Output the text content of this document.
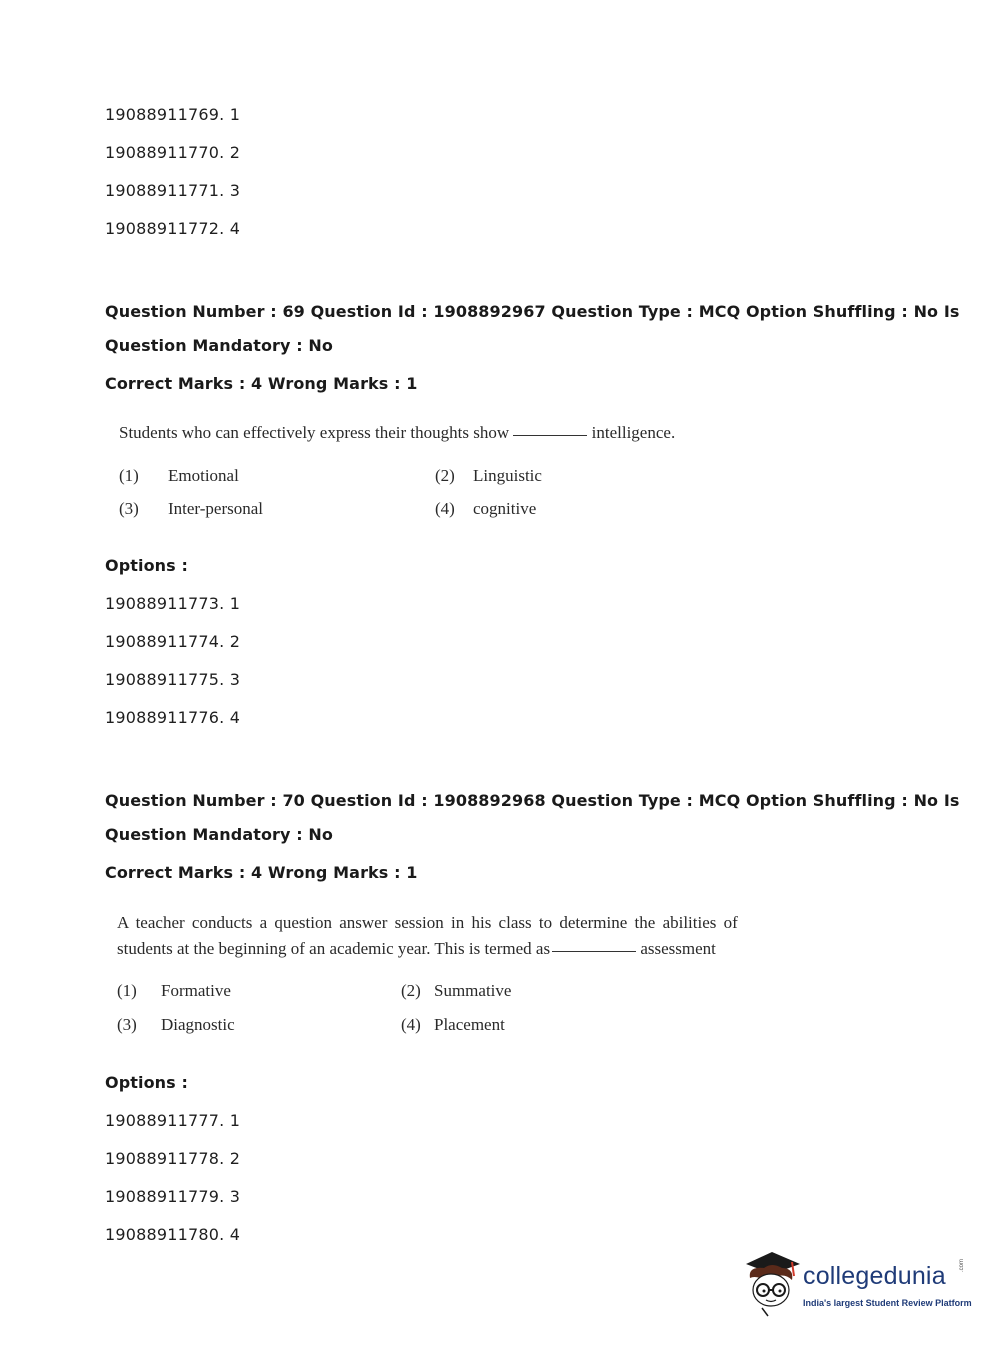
19088911769. 1
19088911770. 2
19088911771. 3
19088911772. 4
Question Number : 69 Question Id : 1908892967 Question Type : MCQ Option Shuffling : No Is
Question Mandatory : No
Correct Marks : 4 Wrong Marks : 1
Students who can effectively express their thoughts show	intelligence.
(1) Emotional	(2) Linguistic
(3) Inter-personal	(4) cognitive
Options :
19088911773. 1
19088911774. 2
19088911775. 3
19088911776. 4
Question Number : 70 Question Id : 1908892968 Question Type : MCQ Option Shuffling : No Is
Question Mandatory : No
Correct Marks : 4 Wrong Marks : 1
A teacher conducts a question answer session in his class to determine the abilities of
students at the beginning of an academic year. This is termed as	assessment
(1) Formative	(2) Summative
(3) Diagnostic	(4) Placement
Options :
19088911777. 1
19088911778. 2
19088911779. 3
19088911780. 4
collegedunia .com
India's largest Student Review Platform
